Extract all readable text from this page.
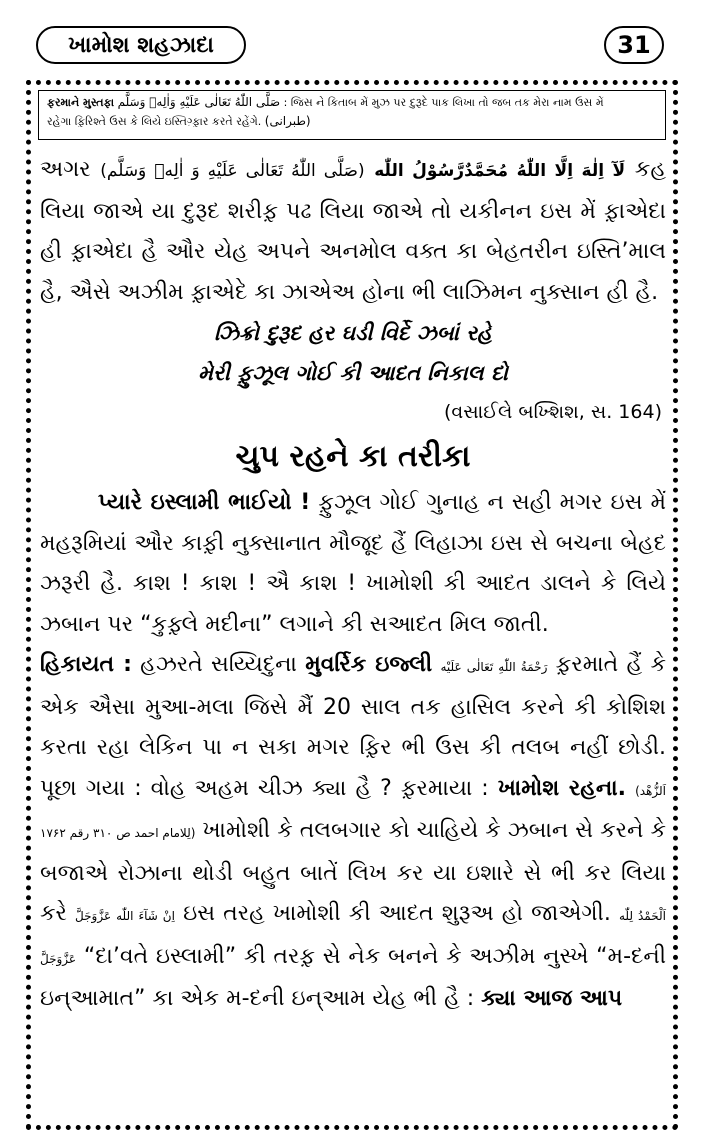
ખામોશ શહઝાદા	31
ફરમાને મુસ્તફા صَلَّى اللّٰهُ تَعَالٰى عَلَيْهِ وَاٰلِهٖ وَسَلَّم : જિસ ને કિતાબ મેં મુઝ પર દુરૂદે પાક લિખા તો જબ તક મેરા નામ ઉસ મેં
રહેગા ફ઼િરિશ્તે ઉસ કે લિયે ઇસ્તિગ઼્ફ઼ાર કરતે રહેંગે. (طبرانی)

અગર (صَلَّى اللّٰهُ تَعَالٰى عَلَيْهِ وَ اٰلِهٖ وَسَلَّم) لَآ اِلٰهَ اِلَّا اللّٰهُ مُحَمَّدٌرَّسُوْلُ اللّٰه કહ લિયા જાએ યા દુરૂદ શરીફ઼ પઢ લિયા જાએ તો યકીનન ઇસ મેં ફ઼ાએદા હી ફ઼ાએદા હૈ ઔર યેહ અપને અનમોલ વક્ત કા બેહતરીન ઇસ્તિ’માલ હૈ, ઐસે અઝીમ ફ઼ાએદે કા ઝાએઅ હોના ભી લાઝિમન નુક્સાન હી હૈ.

ઝિક્રો દુરૂદ હર ઘડી વિર્દે ઝબાં રહે

મેરી ફ઼ુઝૂલ ગોઈ કી આદત નિકાલ દો

(વસાઈલે બખ્શિશ, સ. 164)

ચુપ રહને કા તરીકા

પ્યારે ઇસ્લામી ભાઈયો ! ફ઼ુઝૂલ ગોઈ ગુનાહ ન સહી મગર ઇસ મેં મહરૂમિયાં ઔર કાફ઼ી નુક્સાનાત મૌજૂદ હૈં લિહાઝા ઇસ સે બચના બેહદ ઝરૂરી હૈ. કાશ ! કાશ ! ઐ કાશ ! ખામોશી કી આદત ડાલને કે લિયે ઝબાન પર “કુફ઼્લે મદીના” લગાને કી સઆદત મિલ જાતી.

હિકાયત : હઝરતે સય્યિદુના મુવર્રિક ઇજ્લી رَحْمَةُ اللّٰهِ تَعَالٰى عَلَيْه ફ઼રમાતે હૈં કે એક ઐસા મુઆ-મલા જિસે મૈં 20 સાલ તક હાસિલ કરને કી કોશિશ કરતા રહા લેકિન પા ન સકા મગર ફ઼િર ભી ઉસ કી તલબ નહીં છોડી. પૂછા ગયા : વોહ અહમ ચીઝ ક્યા હૈ ? ફ઼રમાયા : ખામોશ રહના. (اَلزُّهْد لِلامام احمد ص ۳۱۰ رقم ۱۷۶۲) ખામોશી કે તલબગાર કો ચાહિયે કે ઝબાન સે કરને કે બજાએ રોઝાના થોડી બહુત બાતેં લિખ કર યા ઇશારે સે ભી કર લિયા કરે اِنْ شَآءَ اللّٰه عَزَّوَجَلَّ ઇસ તરહ ખામોશી કી આદત શુરૂઅ હો જાએગી. اَلْحَمْدُ لِلّٰه عَزَّوَجَلَّ “દા’વતે ઇસ્લામી” કી તરફ઼ સે નેક બનને કે અઝીમ નુસ્ખે “મ-દની ઇન્આમાત” કા એક મ-દની ઇન્આમ યેહ ભી હૈ : ક્યા આજ આપ
